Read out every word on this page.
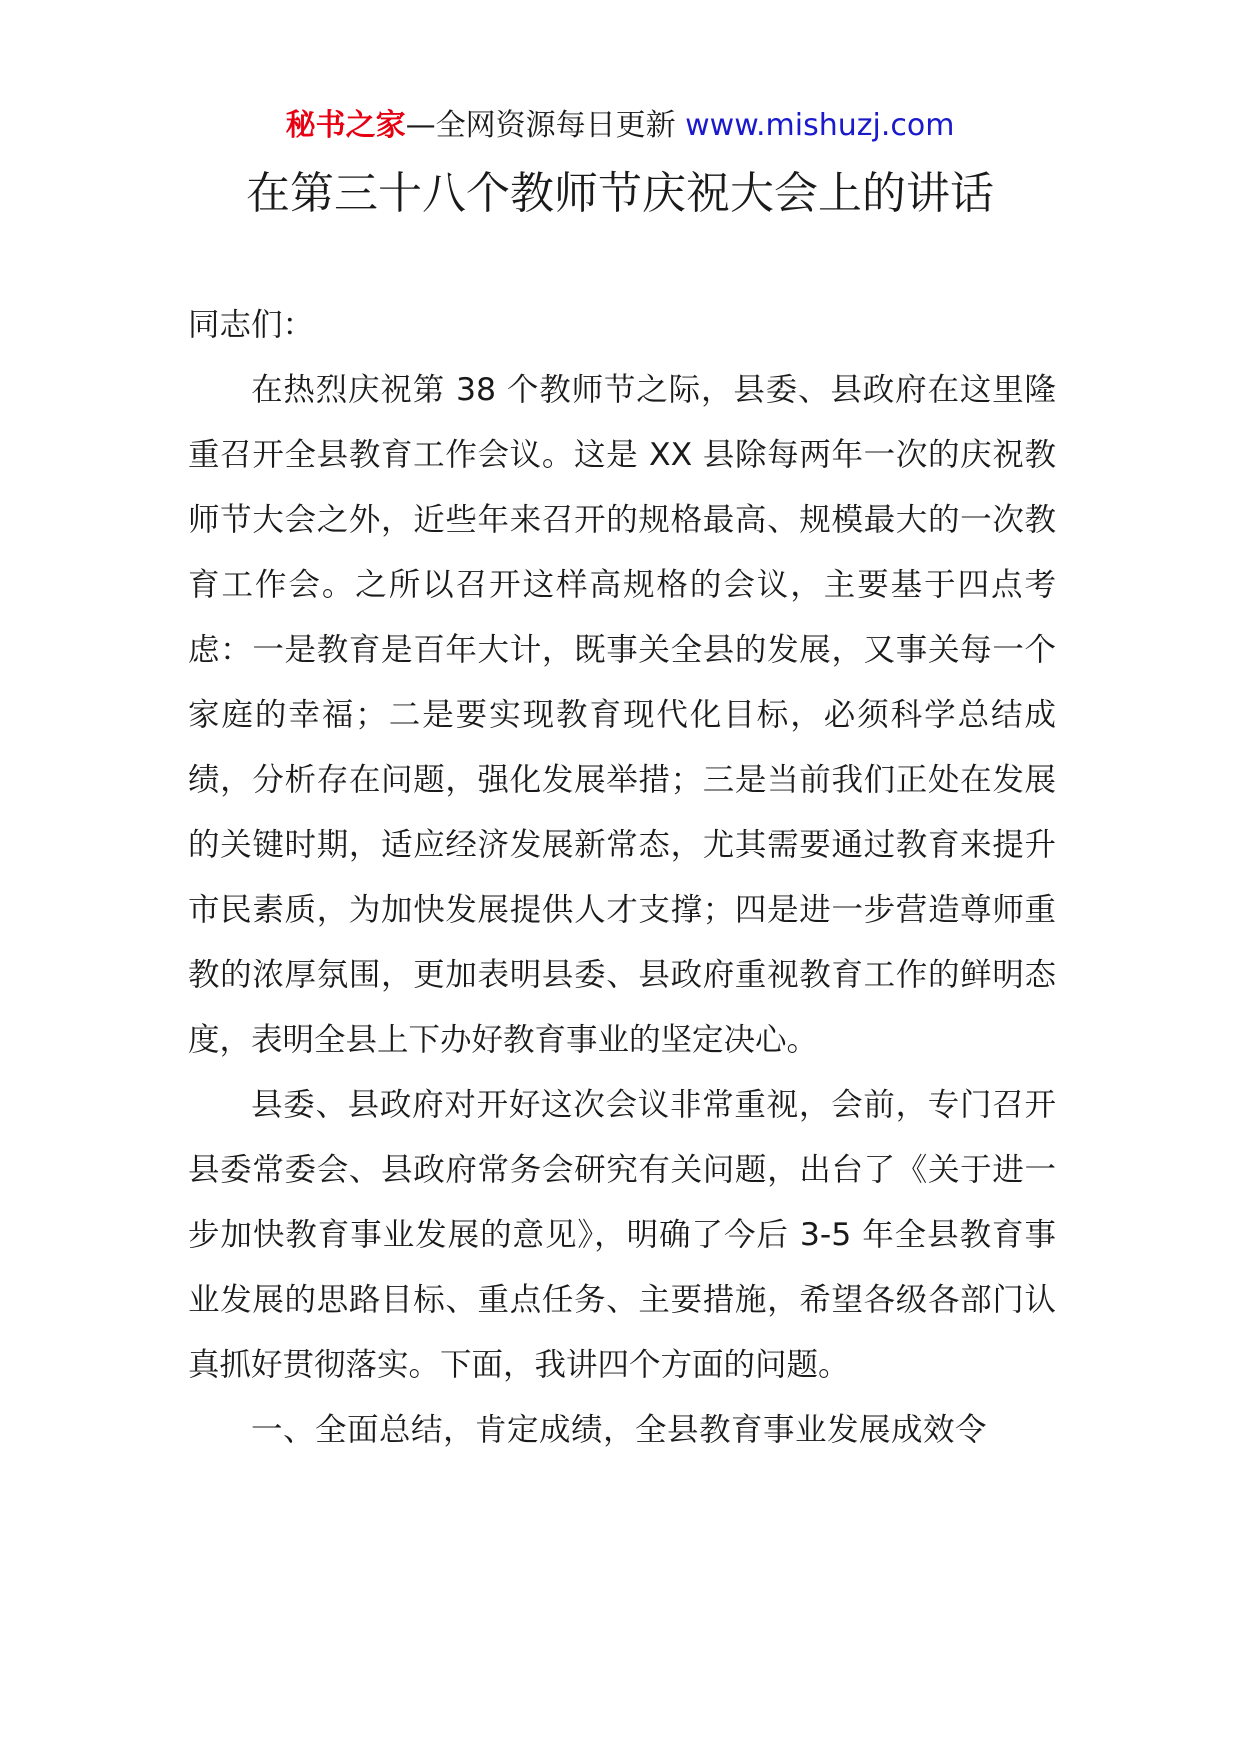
秘书之家—全网资源每日更新 www.mishuzj.com
在第三十八个教师节庆祝大会上的讲话

同志们：

在热烈庆祝第 38 个教师节之际，县委、县政府在这里隆重召开全县教育工作会议。这是 XX 县除每两年一次的庆祝教师节大会之外，近些年来召开的规格最高、规模最大的一次教育工作会。之所以召开这样高规格的会议，主要基于四点考虑：一是教育是百年大计，既事关全县的发展，又事关每一个家庭的幸福；二是要实现教育现代化目标，必须科学总结成绩，分析存在问题，强化发展举措；三是当前我们正处在发展的关键时期，适应经济发展新常态，尤其需要通过教育来提升市民素质，为加快发展提供人才支撑；四是进一步营造尊师重教的浓厚氛围，更加表明县委、县政府重视教育工作的鲜明态度，表明全县上下办好教育事业的坚定决心。

县委、县政府对开好这次会议非常重视，会前，专门召开县委常委会、县政府常务会研究有关问题，出台了《关于进一步加快教育事业发展的意见》，明确了今后 3-5 年全县教育事业发展的思路目标、重点任务、主要措施，希望各级各部门认真抓好贯彻落实。下面，我讲四个方面的问题。

一、全面总结，肯定成绩，全县教育事业发展成效令
